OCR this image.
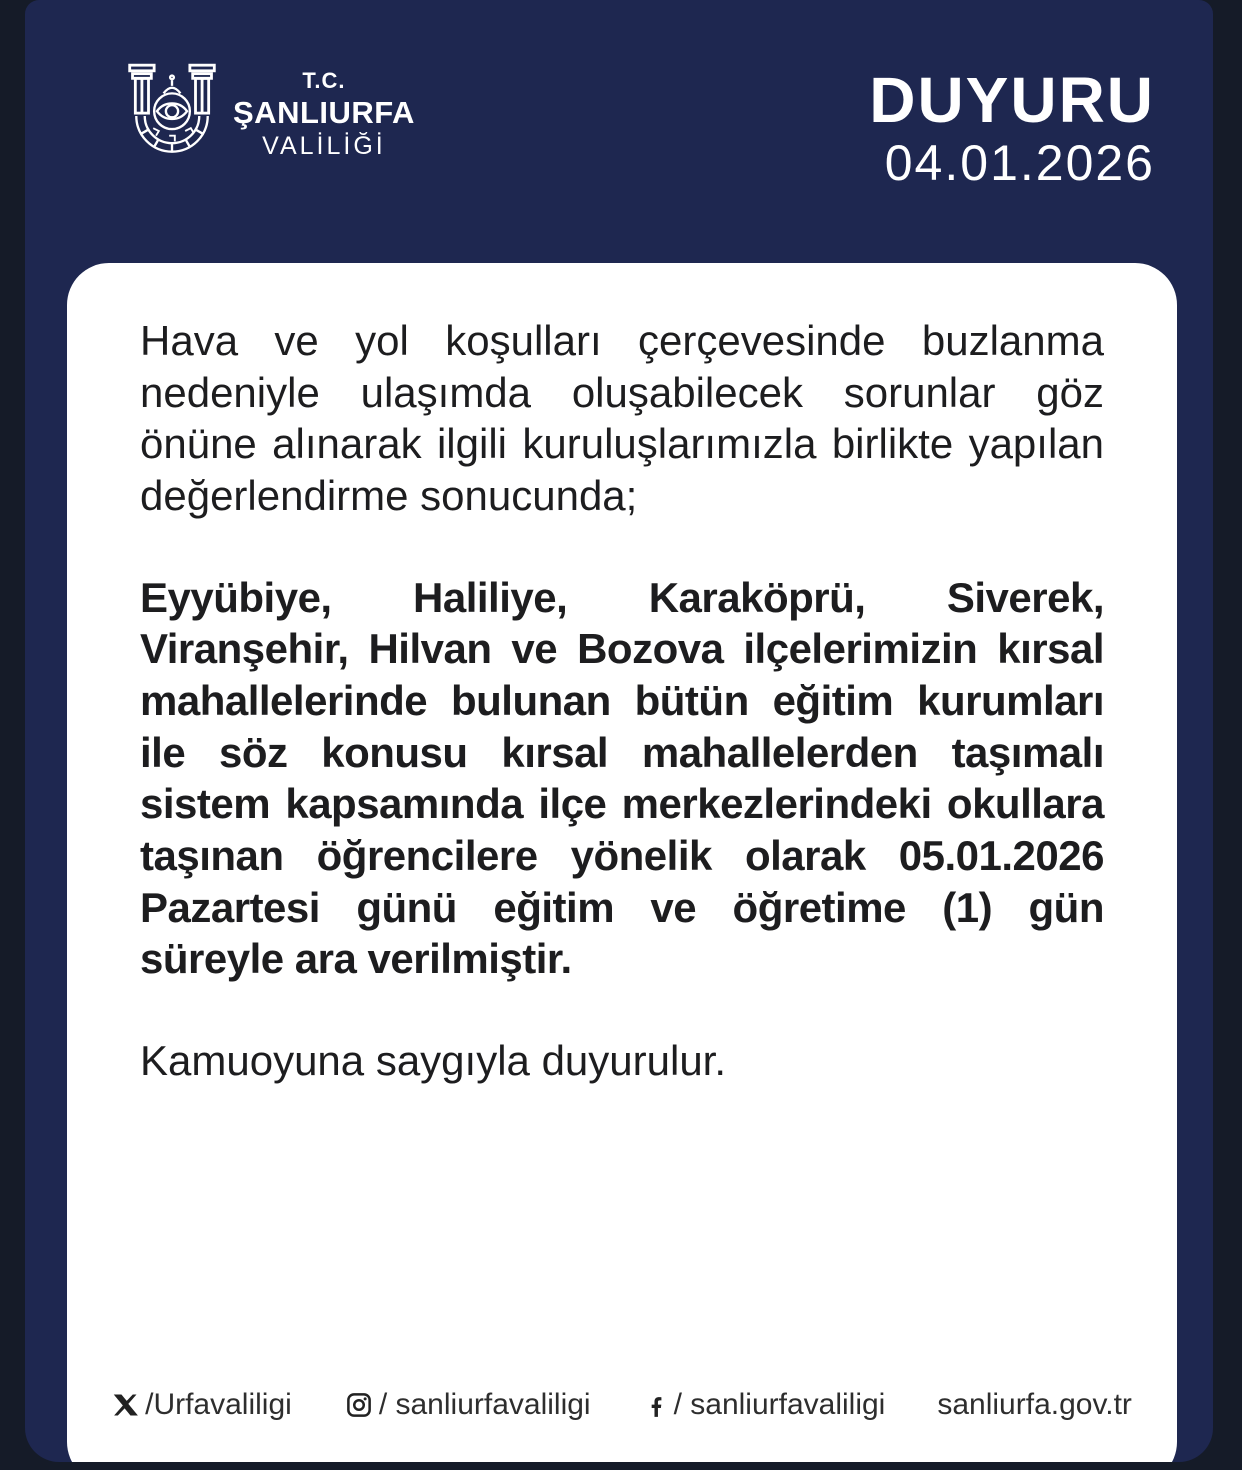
T.C.
ŞANLIURFA
VALİLİĞİ
DUYURU
04.01.2026

Hava ve yol koşulları çerçevesinde buzlanma nedeniyle ulaşımda oluşabilecek sorunlar göz önüne alınarak ilgili kuruluşlarımızla birlikte yapılan değerlendirme sonucunda;

Eyyübiye, Haliliye, Karaköprü, Siverek, Viranşehir, Hilvan ve Bozova ilçelerimizin kırsal mahallelerinde bulunan bütün eğitim kurumları ile söz konusu kırsal mahallelerden taşımalı sistem kapsamında ilçe merkezlerindeki okullara taşınan öğrencilere yönelik olarak 05.01.2026 Pazartesi günü eğitim ve öğretime (1) gün süreyle ara verilmiştir.

Kamuoyuna saygıyla duyurulur.

/Urfavaliligi	/ sanliurfavaliligi	/ sanliurfavaliligi sanliurfa.gov.tr
